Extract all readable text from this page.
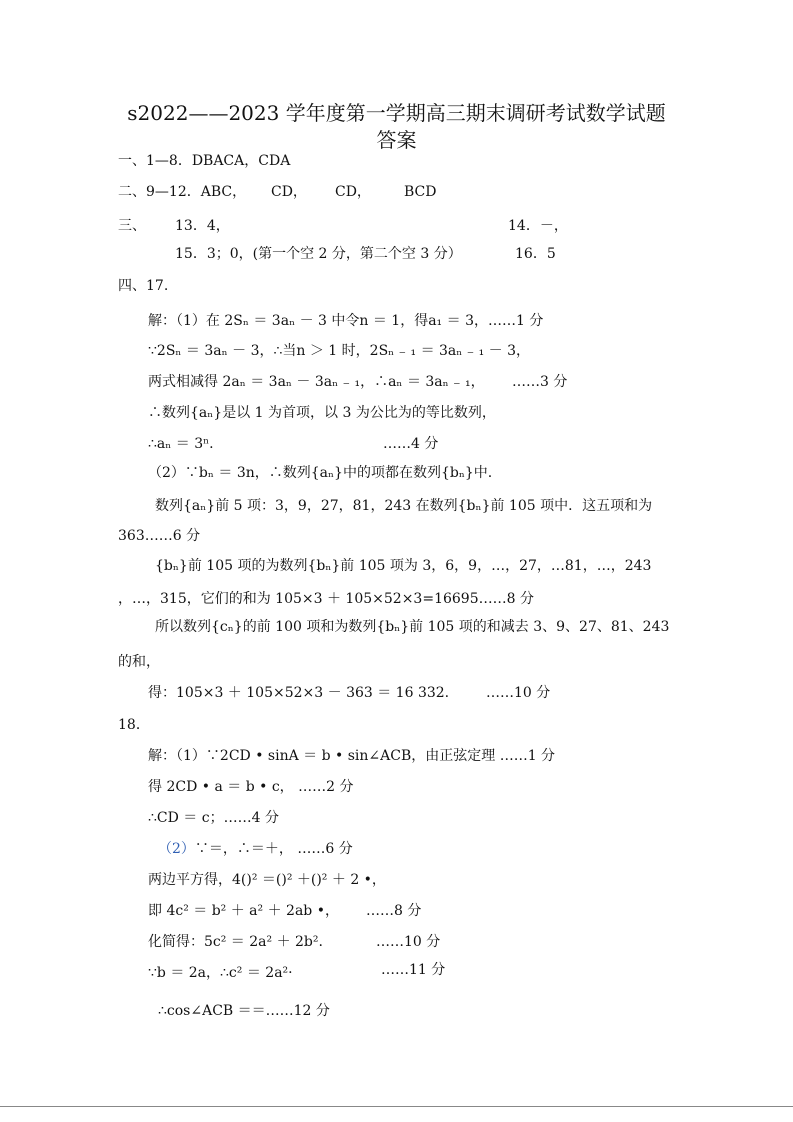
s2022——2023 学年度第一学期高三期末调研考试数学试题
答案
一、1—8．DBACA，CDA
二、9—12．ABC， CD， CD， BCD
三、 13．4，	14．－，
15．3；0，(第一个空 2 分，第二个空 3 分）	16．5
四、17.
解：（1）在 2Sₙ ＝ 3aₙ － 3 中令n ＝ 1，得a₁ ＝ 3，……1 分
∵2Sₙ ＝ 3aₙ － 3，∴当n ＞ 1 时，2Sₙ ₋ ₁ ＝ 3aₙ ₋ ₁ － 3，
两式相减得 2aₙ ＝ 3aₙ － 3aₙ ₋ ₁，∴aₙ ＝ 3aₙ ₋ ₁， ……3 分
∴数列{aₙ}是以 1 为首项，以 3 为公比为的等比数列，
∴aₙ ＝ 3ⁿ.	……4 分
（2）∵bₙ ＝ 3n，∴数列{aₙ}中的项都在数列{bₙ}中.
数列{aₙ}前 5 项：3，9，27，81，243 在数列{bₙ}前 105 项中．这五项和为
363……6 分
{bₙ}前 105 项的为数列{bₙ}前 105 项为 3，6，9，…，27，…81，…，243
，…，315，它们的和为 105×3 ＋ 105×52×3=16695……8 分
所以数列{cₙ}的前 100 项和为数列{bₙ}前 105 项的和减去 3、9、27、81、243
的和，
得：105×3 ＋ 105×52×3 － 363 ＝ 16 332.	……10 分
18．
解：（1）∵2CD • sinA ＝ b • sin∠ACB，由正弦定理 ……1 分
得 2CD • a ＝ b • c， ……2 分
∴CD ＝ c；……4 分
（2）∵＝，∴＝＋， ……6 分
两边平方得，4()² ＝()² ＋()² ＋ 2 •，
即 4c² ＝ b² ＋ a² ＋ 2ab •， ……8 分
化简得：5c² ＝ 2a² ＋ 2b².	……10 分
∵b ＝ 2a，∴c² ＝ 2a²·	……11 分
∴cos∠ACB ＝＝……12 分
